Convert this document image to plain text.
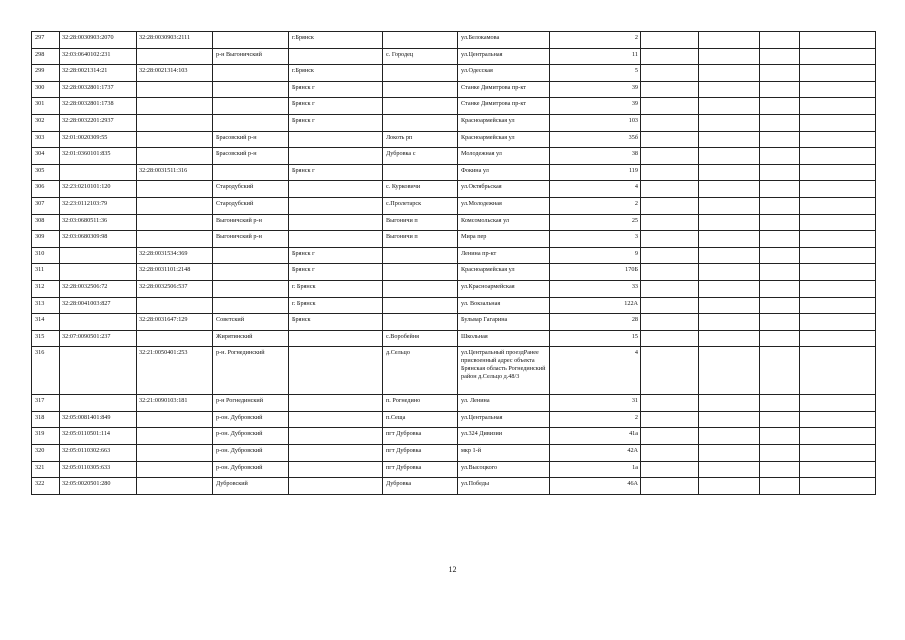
297	32:28:0030903:2070	32:28:0030903:2111		г.Брянск		ул.Белокамова	2				
298	32:03:0640102:231		р-н Выгоничский		с. Городец	ул.Центральная	11				
299	32:28:0021314:21	32:28:0021314:103		г.Брянск		ул.Одесская	5				
300	32:28:0032801:1737			Брянск г		Станке Димитрова пр-кт	39				
301	32:28:0032801:1738			Брянск г		Станке Димитрова пр-кт	39				
302	32:28:0032201:2937			Брянск г		Красноармейская ул	103				
303	32:01:0020309:55		Брасовский р-н		Локоть рп	Красноармейская ул	35б				
304	32:01:0360101:835		Брасовский р-н		Дубровка с	Молодежная ул	38				
305		32:28:0031511:316		Брянск г		Фокина ул	119				
306	32:23:0210101:120		Стародубский		с. Курковичи	ул.Октябрьская	4				
307	32:23:0112103:79		Стародубский		с.Пролетарск	ул.Молодежная	2				
308	32:03:0680511:36		Выгоничский р-н		Выгоничи п	Комсомольская ул	25				
309	32:03:0680309:98		Выгоничский р-н		Выгоничи п	Мира пер	3				
310		32:28:0031534:369		Брянск г		Ленина пр-кт	9				
311		32:28:0031101:2148		Брянск г		Красноармейская ул	170Б				
312	32:28:0032506:72	32:28:0032506:537		г. Брянск		ул.Красноармейская	33				
313	32:28:0041003:827			г. Брянск		ул. Вокзальная	122А				
314		32:28:0031647:129	Советский	Брянск		Бульвар Гагарина	28				
315	32:07:0090501:237		Жирятинский		с.Воробейня	Школьная	15				
316		32:21:0050401:253	р-н. Рогнединский		д.Сельцо	ул.Центральный проездРанее присвоенный адрес объекта Брянская область Рогнединский район д.Сельцо д.48/3	4				
317		32:21:0090103:181	р-н Рогнединский		п. Рогнедино	ул. Ленина	31				
318	32:05:0081401:849		р-он. Дубровский		п.Сеща	ул.Центральная	2				
319	32:05:0110501:114		р-он. Дубровский		пгт Дубровка	ул.324 Дивизии	41а				
320	32:05:0110302:663		р-он. Дубровский		пгт Дубровка	мкр 1-й	42А				
321	32:05:0110305:633		р-он. Дубровский		пгт Дубровка	ул.Высоцкого	1а				
322	32:05:0020501:280		Дубровский		Дубровка	ул.Победы	46А				
12
